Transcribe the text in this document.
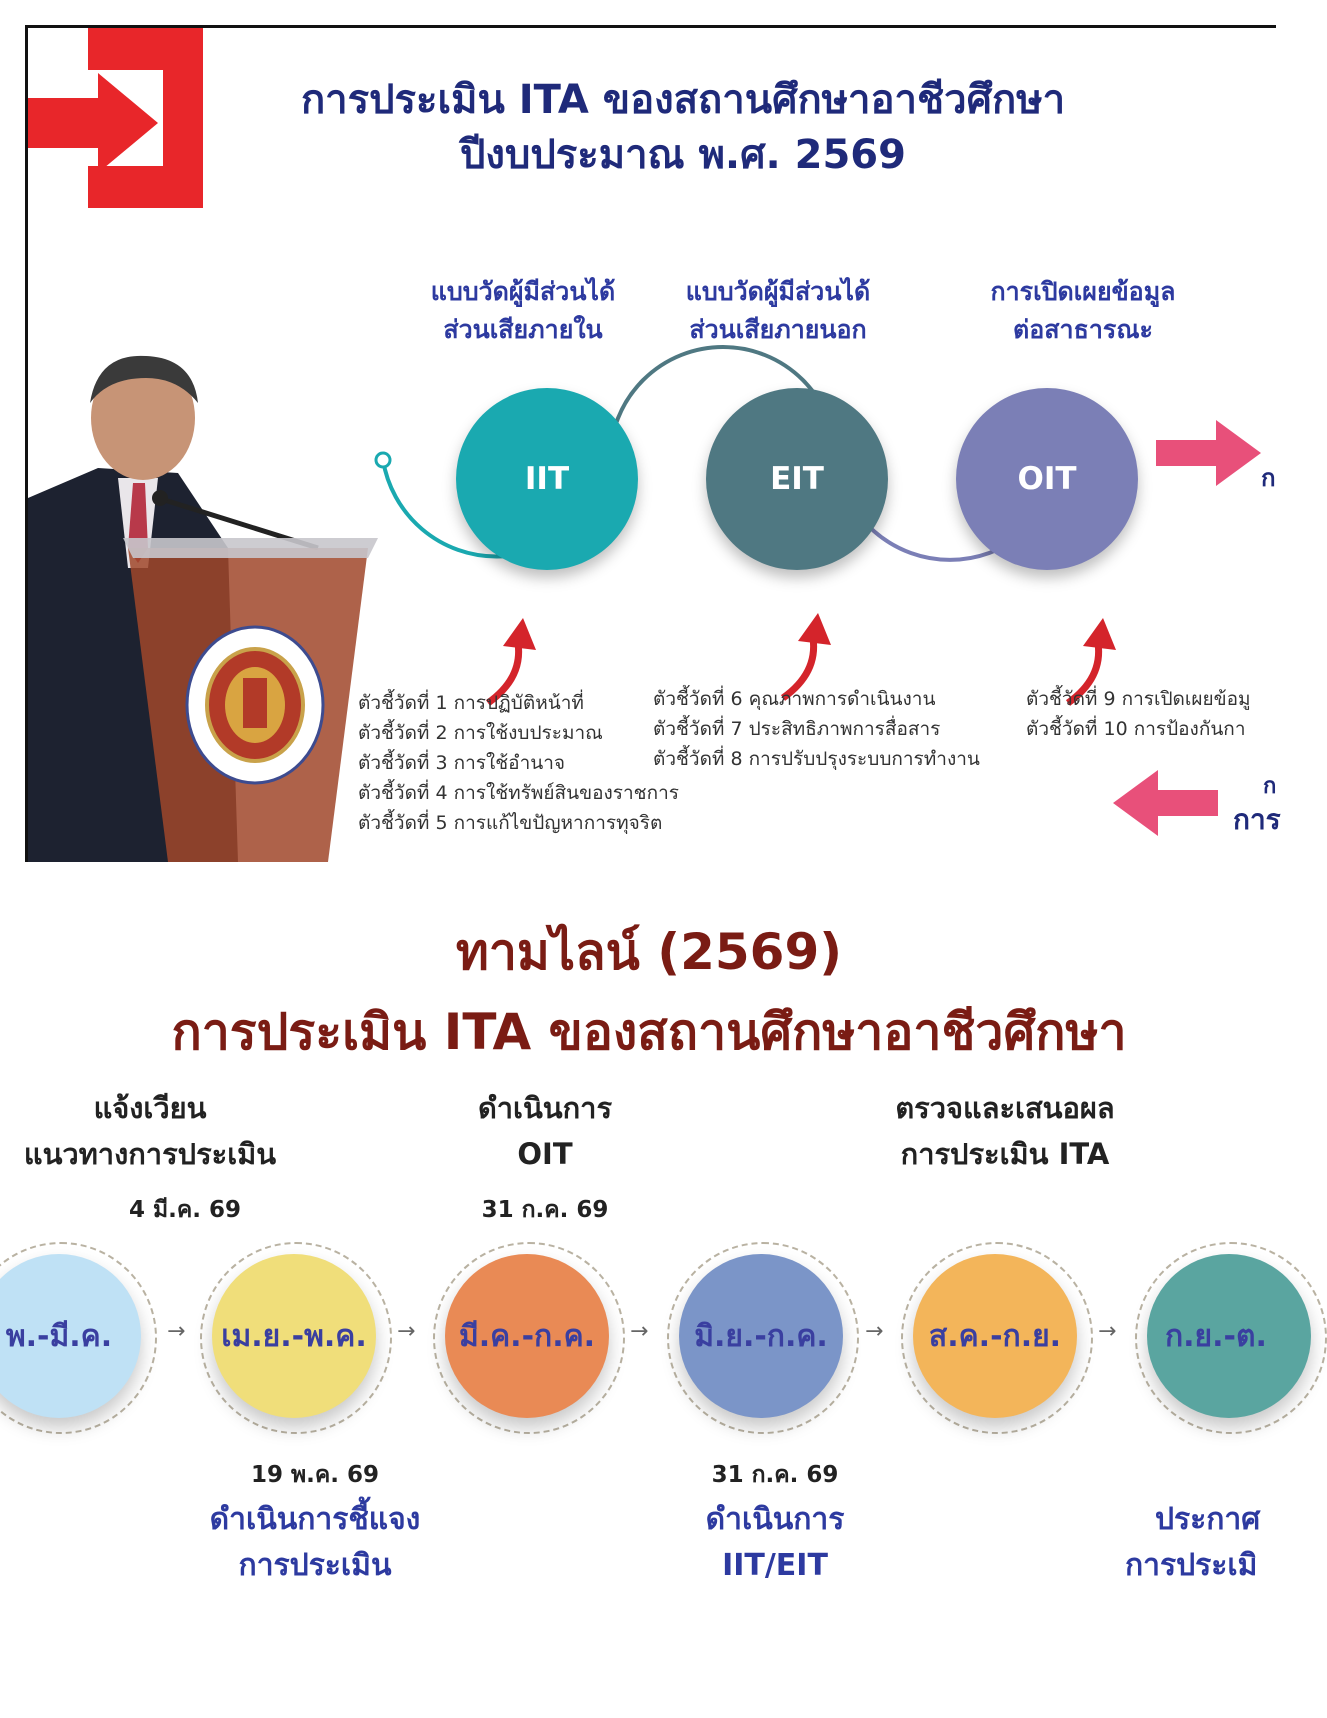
การประเมิน ITA ของสถานศึกษาอาชีวศึกษา
ปีงบประมาณ พ.ศ. 2569
แบบวัดผู้มีส่วนได้
ส่วนเสียภายใน
แบบวัดผู้มีส่วนได้
ส่วนเสียภายนอก
การเปิดเผยข้อมูล
ต่อสาธารณะ
IIT	EIT	OIT	ก
ก
การ
ตัวชี้วัดที่ 1 การปฏิบัติหน้าที่
ตัวชี้วัดที่ 2 การใช้งบประมาณ
ตัวชี้วัดที่ 3 การใช้อำนาจ
ตัวชี้วัดที่ 4 การใช้ทรัพย์สินของราชการ
ตัวชี้วัดที่ 5 การแก้ไขปัญหาการทุจริต
ตัวชี้วัดที่ 6 คุณภาพการดำเนินงาน
ตัวชี้วัดที่ 7 ประสิทธิภาพการสื่อสาร
ตัวชี้วัดที่ 8 การปรับปรุงระบบการทำงาน
ตัวชี้วัดที่ 9 การเปิดเผยข้อมู
ตัวชี้วัดที่ 10 การป้องกันกา
ทามไลน์ (2569)
การประเมิน ITA ของสถานศึกษาอาชีวศึกษา
แจ้งเวียน
แนวทางการประเมิน
4 มี.ค. 69
ดำเนินการ
OIT
31 ก.ค. 69
ตรวจและเสนอผล
การประเมิน ITA
พ.-มี.ค.	→	เม.ย.-พ.ค.	→	มี.ค.-ก.ค.	→	มิ.ย.-ก.ค.	→	ส.ค.-ก.ย.	→	ก.ย.-ต.
19 พ.ค. 69
ดำเนินการชี้แจง
การประเมิน
31 ก.ค. 69
ดำเนินการ
IIT/EIT
ประกาศ
การประเมิ
